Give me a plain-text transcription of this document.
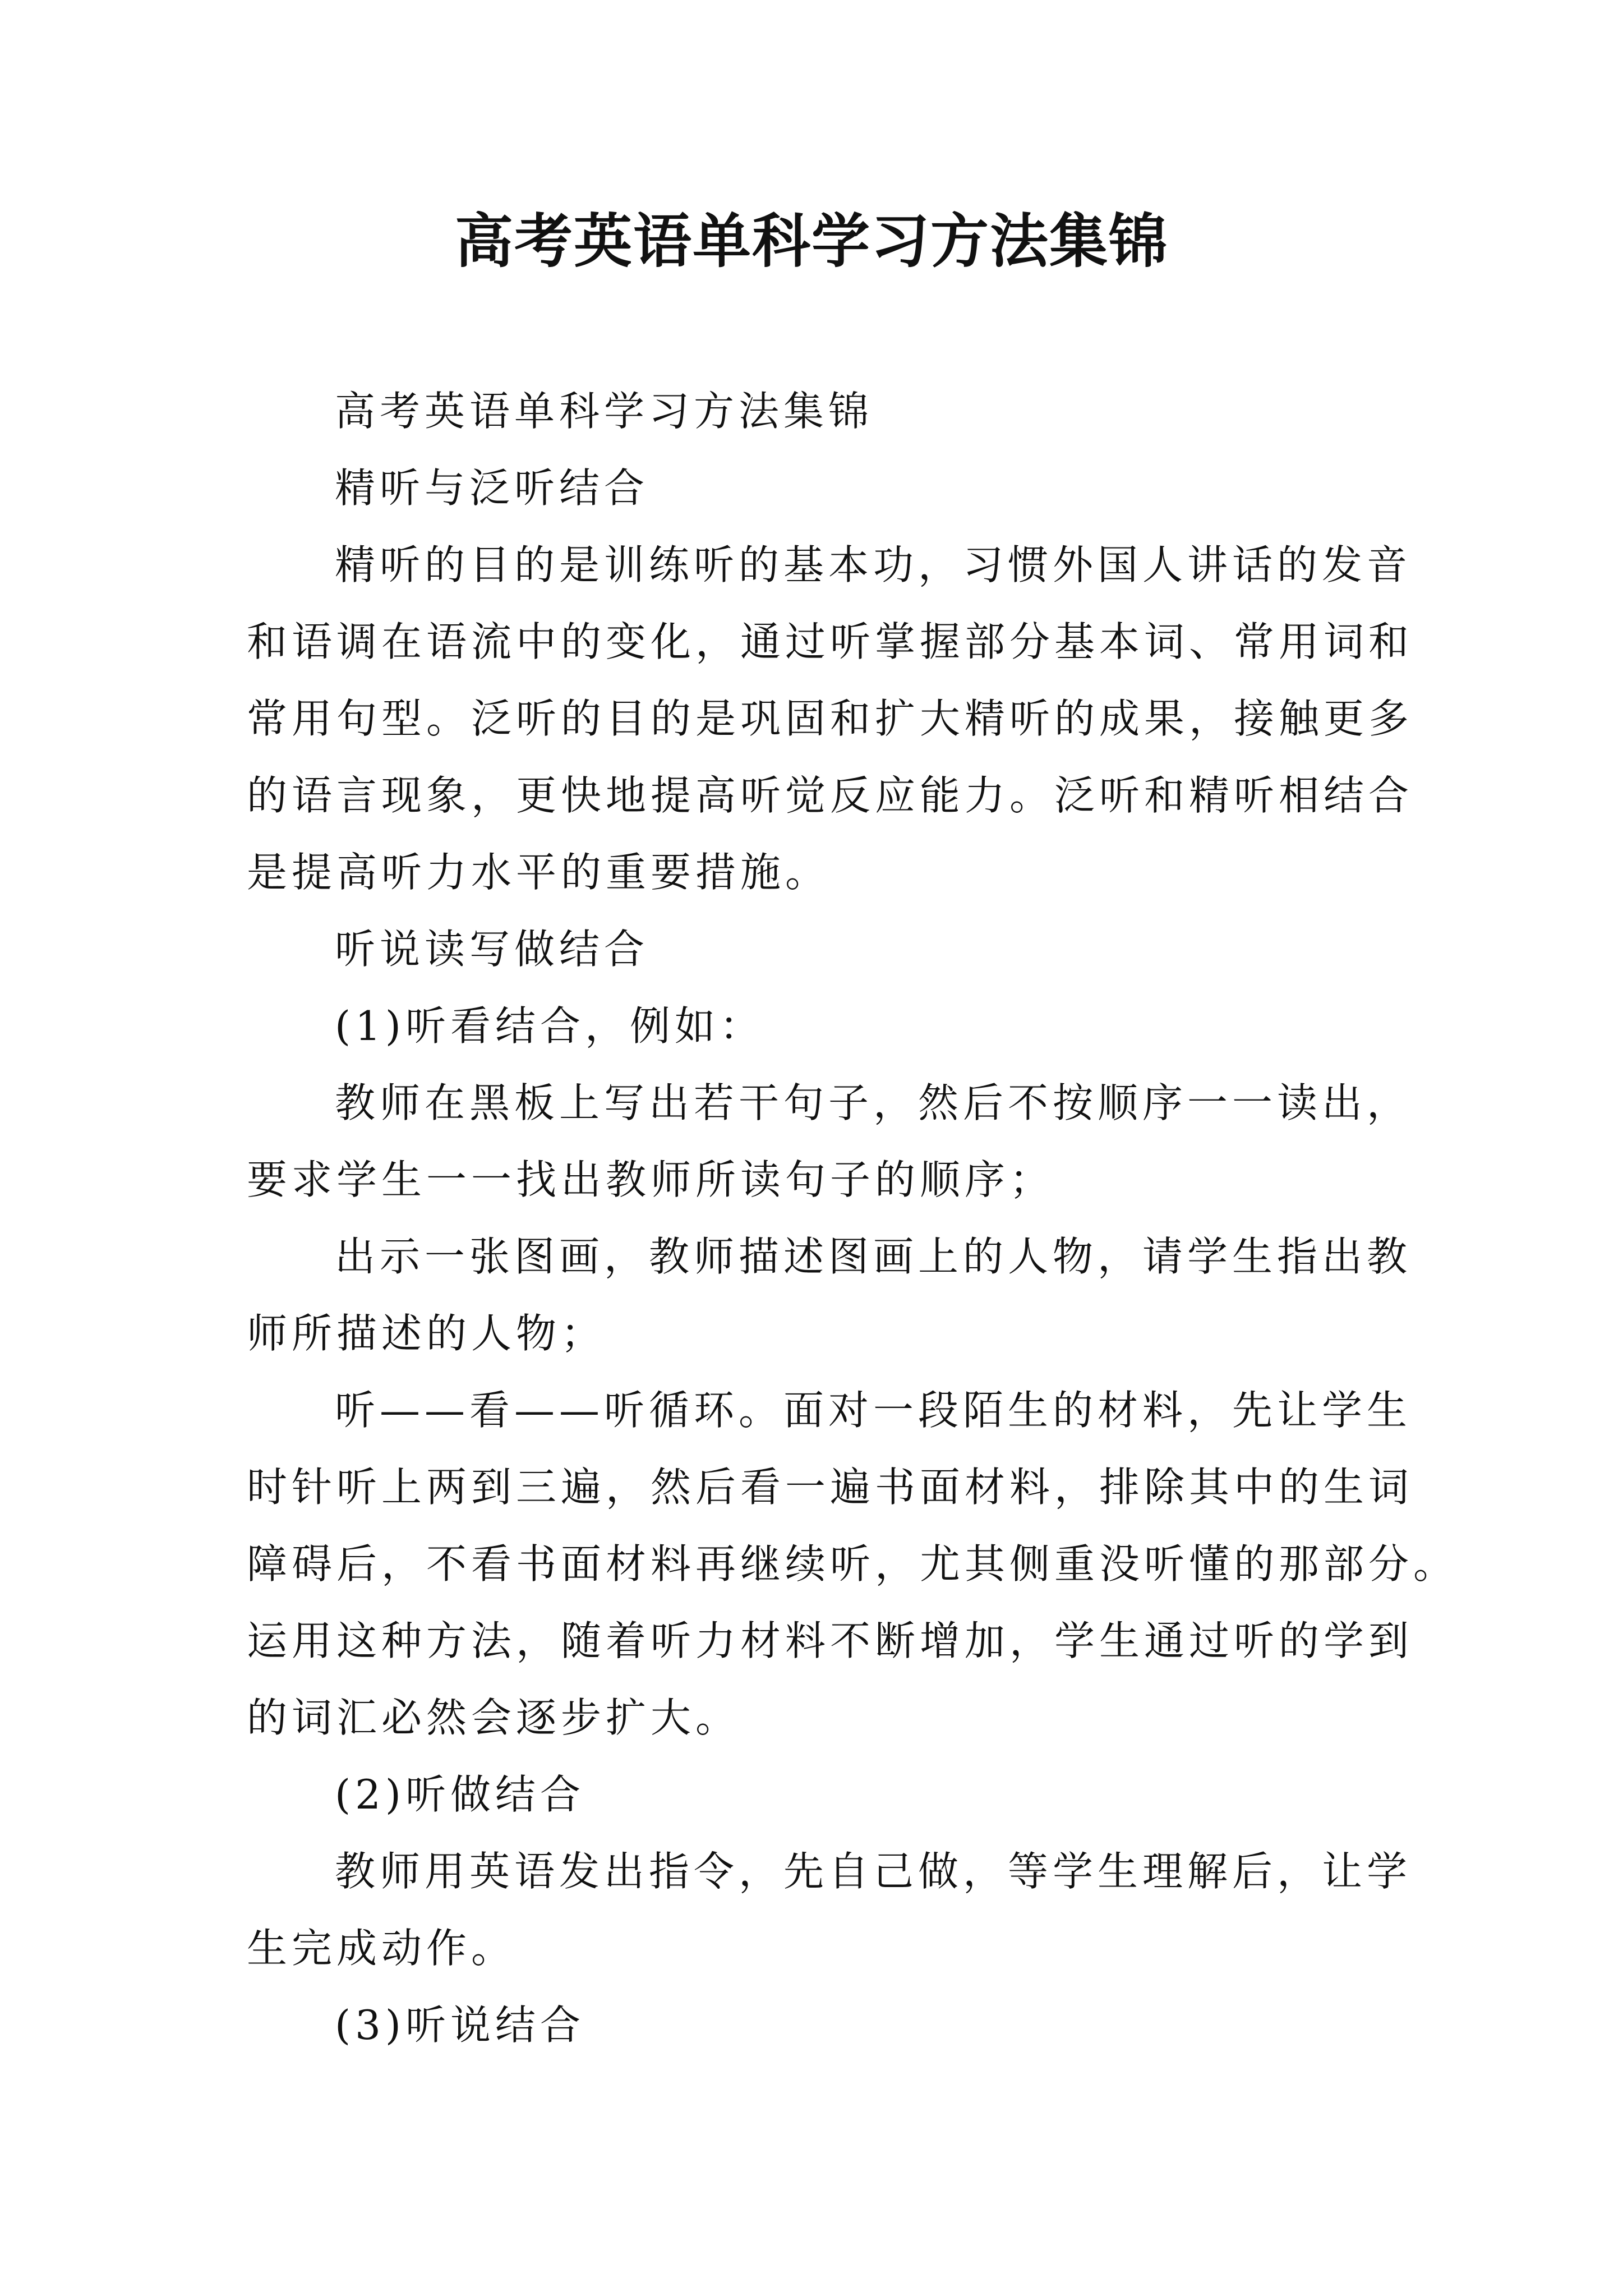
高考英语单科学习方法集锦

高考英语单科学习方法集锦

精听与泛听结合

精听的目的是训练听的基本功，习惯外国人讲话的发音

和语调在语流中的变化，通过听掌握部分基本词、常用词和

常用句型。泛听的目的是巩固和扩大精听的成果，接触更多

的语言现象，更快地提高听觉反应能力。泛听和精听相结合

是提高听力水平的重要措施。

听说读写做结合

(1)听看结合，例如：

教师在黑板上写出若干句子，然后不按顺序一一读出，

要求学生一一找出教师所读句子的顺序；

出示一张图画，教师描述图画上的人物，请学生指出教

师所描述的人物；

听——看——听循环。面对一段陌生的材料，先让学生

时针听上两到三遍，然后看一遍书面材料，排除其中的生词

障碍后，不看书面材料再继续听，尤其侧重没听懂的那部分。

运用这种方法，随着听力材料不断增加，学生通过听的学到

的词汇必然会逐步扩大。

(2)听做结合

教师用英语发出指令，先自己做，等学生理解后，让学

生完成动作。

(3)听说结合
